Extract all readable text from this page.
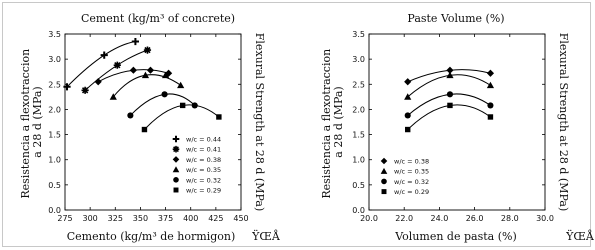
Cement (kg/m³ of concrete)
275 300 325 350 375 400 425 450
0.0
0.5
1.0
1.5
2.0
2.5
3.0
3.5
w/c = 0.44
w/c = 0.41
w/c = 0.38
w/c = 0.35
w/c = 0.32
w/c = 0.29
Cemento (kg/m³ de hormigon)
Resistencia a flexotraccion a 28 d (MPa)	Flexural Strength at 28 d (MPa)
ŸŒÅ
Paste Volume (%)
20.0 22.0 24.0 26.0 28.0 30.0
0.0
0.5
1.0
1.5
2.0
2.5
3.0
3.5
w/c = 0.38
w/c = 0.35
w/c = 0.32
w/c = 0.29
Volumen de pasta (%)
Resistencia a flexotraccion a 28 d (MPa)	Flexural Strength at 28 d (MPa)
ŸŒÅ
